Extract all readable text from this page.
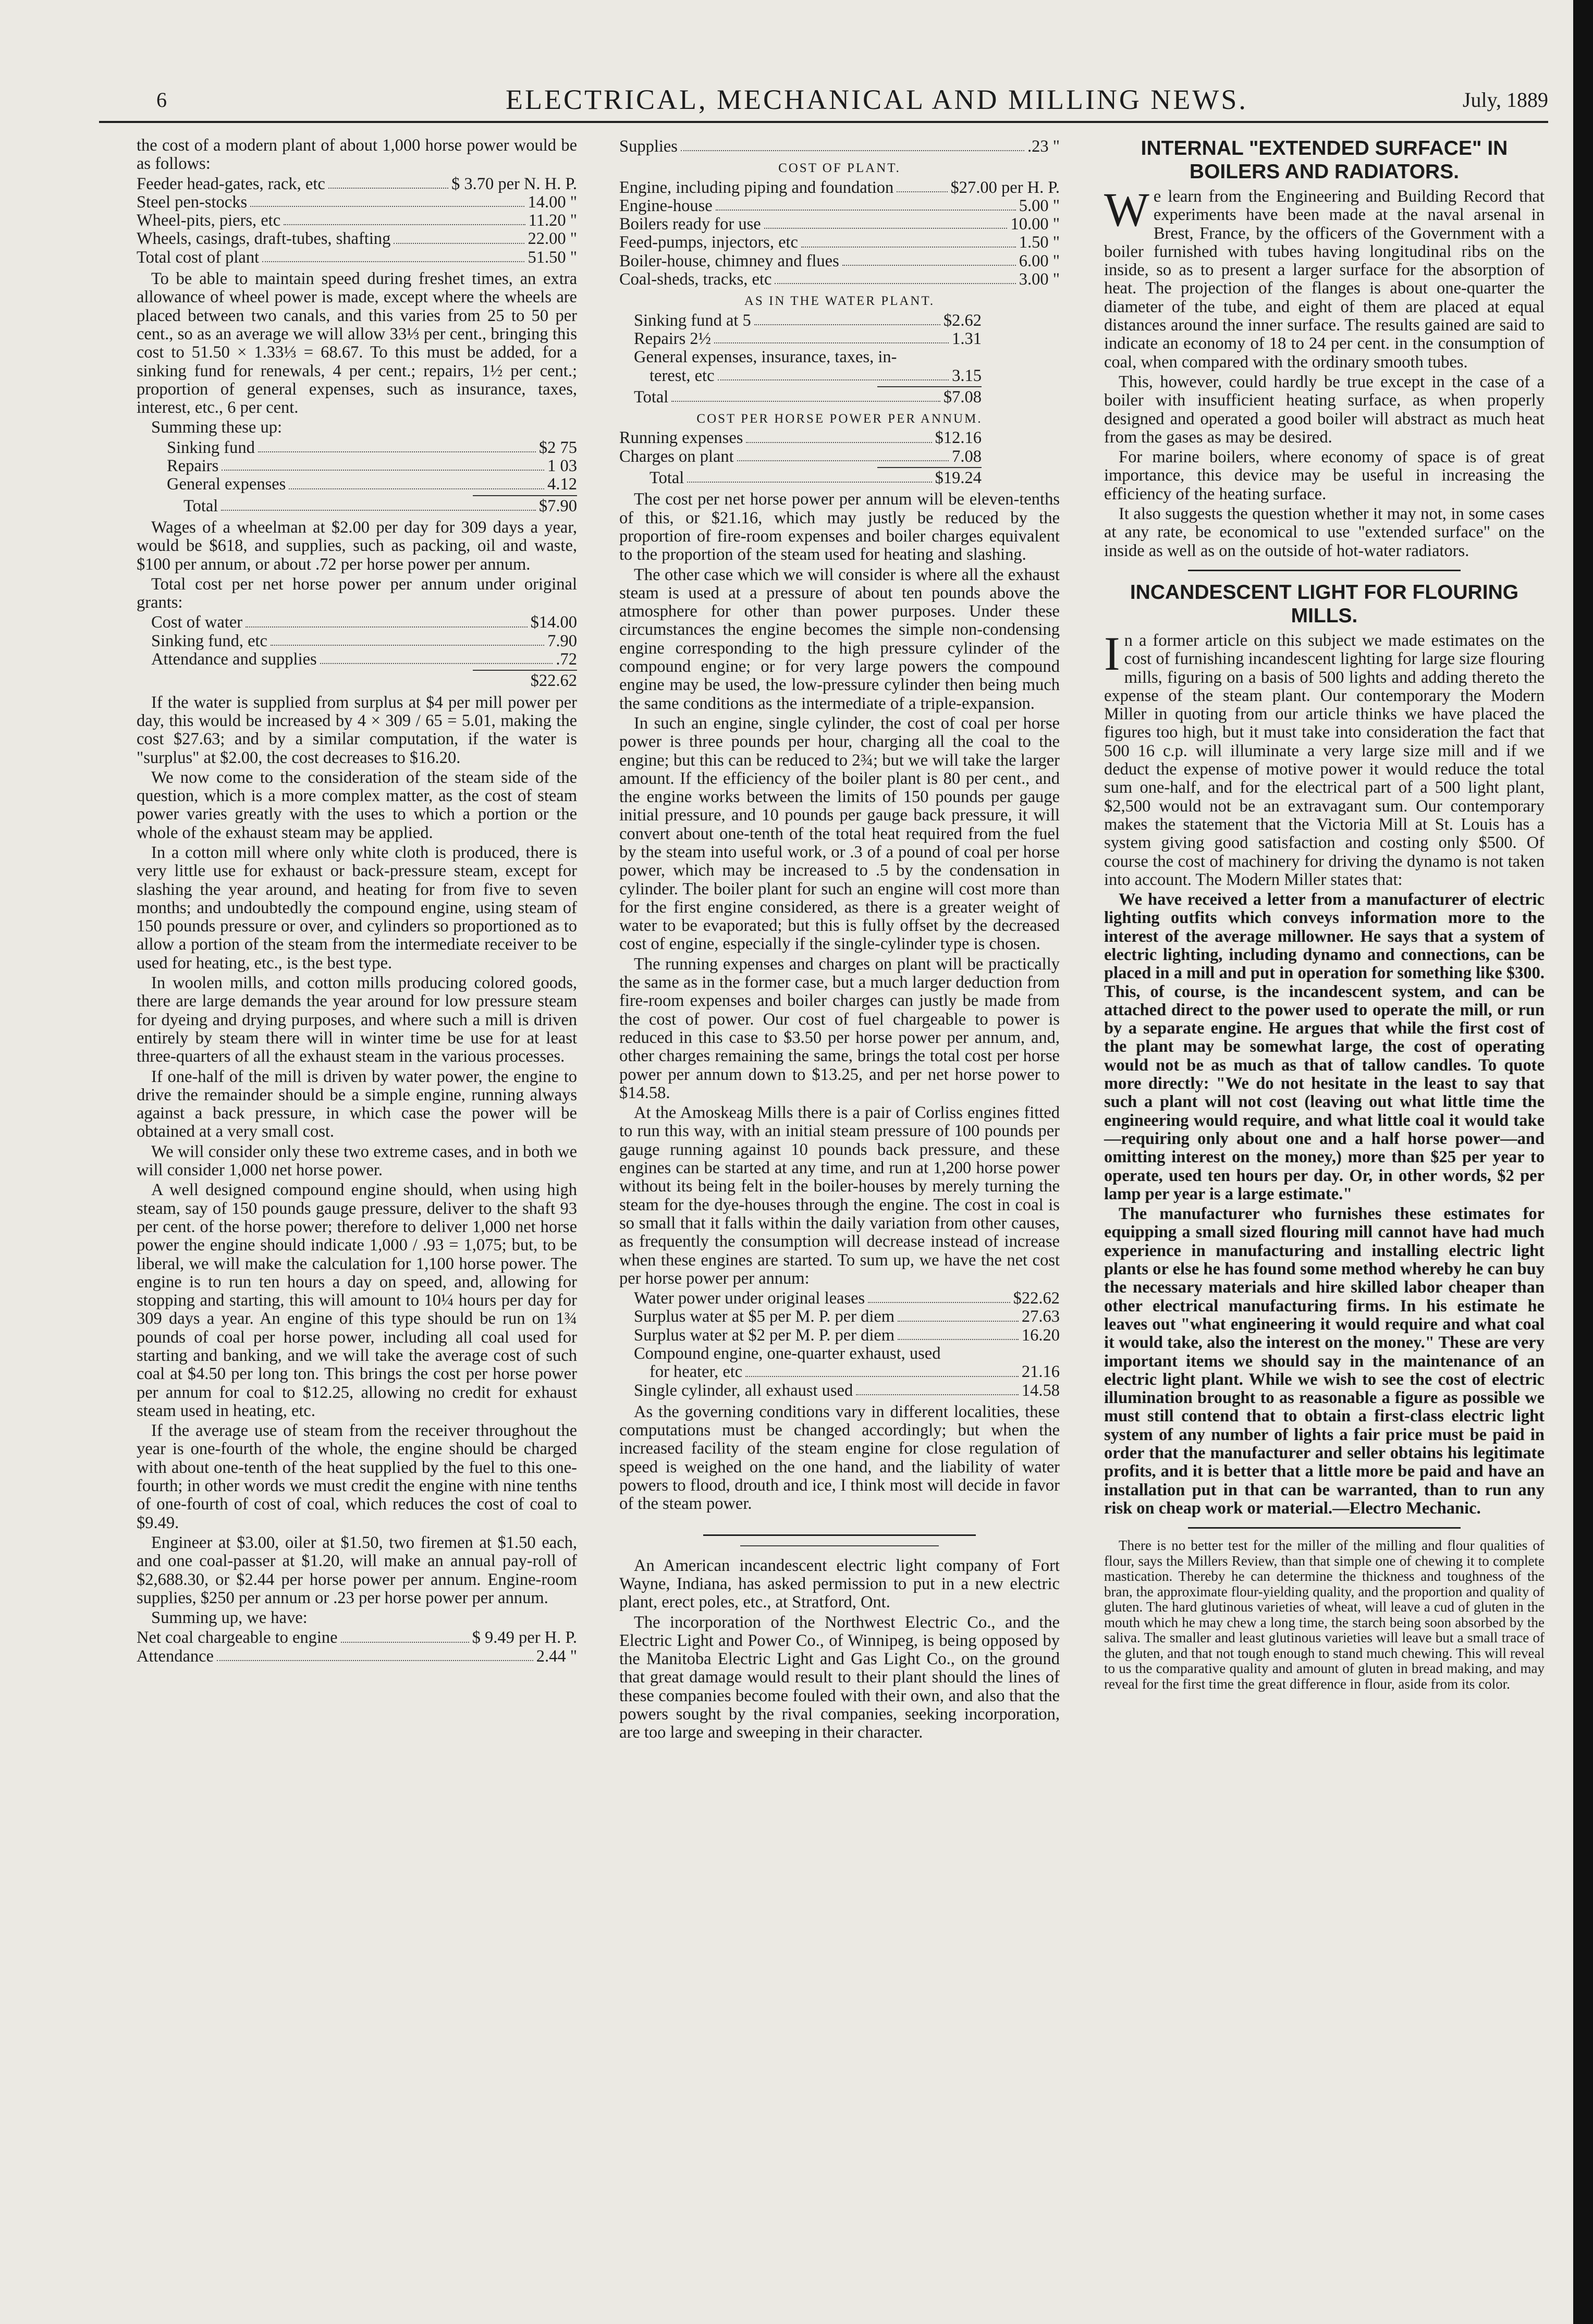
6	ELECTRICAL, MECHANICAL AND MILLING NEWS.	July, 1889

the cost of a modern plant of about 1,000 horse power would be as follows:

Feeder head-gates, rack, etc	$ 3.70 per N. H. P.
Steel pen-stocks	14.00 "
Wheel-pits, piers, etc	11.20 "
Wheels, casings, draft-tubes, shafting	22.00 "
Total cost of plant	51.50 "

To be able to maintain speed during freshet times, an extra allowance of wheel power is made, except where the wheels are placed between two canals, and this varies from 25 to 50 per cent., so as an average we will allow 33⅓ per cent., bringing this cost to 51.50 × 1.33⅓ = 68.67. To this must be added, for a sinking fund for renewals, 4 per cent.; repairs, 1½ per cent.; proportion of general expenses, such as insurance, taxes, interest, etc., 6 per cent.

Summing these up:

Sinking fund	$2 75
Repairs	1 03
General expenses	4.12
Total	$7.90

Wages of a wheelman at $2.00 per day for 309 days a year, would be $618, and supplies, such as packing, oil and waste, $100 per annum, or about .72 per horse power per annum.

Total cost per net horse power per annum under original grants:

Cost of water	$14.00
Sinking fund, etc	7.90
Attendance and supplies	.72
$22.62

If the water is supplied from surplus at $4 per mill power per day, this would be increased by 4 × 309 / 65 = 5.01, making the cost $27.63; and by a similar computation, if the water is "surplus" at $2.00, the cost decreases to $16.20.

We now come to the consideration of the steam side of the question, which is a more complex matter, as the cost of steam power varies greatly with the uses to which a portion or the whole of the exhaust steam may be applied.

In a cotton mill where only white cloth is produced, there is very little use for exhaust or back-pressure steam, except for slashing the year around, and heating for from five to seven months; and undoubtedly the compound engine, using steam of 150 pounds pressure or over, and cylinders so proportioned as to allow a portion of the steam from the intermediate receiver to be used for heating, etc., is the best type.

In woolen mills, and cotton mills producing colored goods, there are large demands the year around for low pressure steam for dyeing and drying purposes, and where such a mill is driven entirely by steam there will in winter time be use for at least three-quarters of all the exhaust steam in the various processes.

If one-half of the mill is driven by water power, the engine to drive the remainder should be a simple engine, running always against a back pressure, in which case the power will be obtained at a very small cost.

We will consider only these two extreme cases, and in both we will consider 1,000 net horse power.

A well designed compound engine should, when using high steam, say of 150 pounds gauge pressure, deliver to the shaft 93 per cent. of the horse power; therefore to deliver 1,000 net horse power the engine should indicate 1,000 / .93 = 1,075; but, to be liberal, we will make the calculation for 1,100 horse power. The engine is to run ten hours a day on speed, and, allowing for stopping and starting, this will amount to 10¼ hours per day for 309 days a year. An engine of this type should be run on 1¾ pounds of coal per horse power, including all coal used for starting and banking, and we will take the average cost of such coal at $4.50 per long ton. This brings the cost per horse power per annum for coal to $12.25, allowing no credit for exhaust steam used in heating, etc.

If the average use of steam from the receiver throughout the year is one-fourth of the whole, the engine should be charged with about one-tenth of the heat supplied by the fuel to this one-fourth; in other words we must credit the engine with nine tenths of one-fourth of cost of coal, which reduces the cost of coal to $9.49.

Engineer at $3.00, oiler at $1.50, two firemen at $1.50 each, and one coal-passer at $1.20, will make an annual pay-roll of $2,688.30, or $2.44 per horse power per annum. Engine-room supplies, $250 per annum or .23 per horse power per annum.

Summing up, we have:

Net coal chargeable to engine	$ 9.49 per H. P.
Attendance	2.44 "
Supplies	.23 "
COST OF PLANT.
Engine, including piping and foundation	$27.00 per H. P.
Engine-house	5.00 "
Boilers ready for use	10.00 "
Feed-pumps, injectors, etc	1.50 "
Boiler-house, chimney and flues	6.00 "
Coal-sheds, tracks, etc	3.00 "
AS IN THE WATER PLANT.
Sinking fund at 5	$2.62
Repairs 2½	1.31
General expenses, insurance, taxes, in-
terest, etc	3.15
Total	$7.08
COST PER HORSE POWER PER ANNUM.
Running expenses	$12.16
Charges on plant	7.08
Total	$19.24

The cost per net horse power per annum will be eleven-tenths of this, or $21.16, which may justly be reduced by the proportion of fire-room expenses and boiler charges equivalent to the proportion of the steam used for heating and slashing.

The other case which we will consider is where all the exhaust steam is used at a pressure of about ten pounds above the atmosphere for other than power purposes. Under these circumstances the engine becomes the simple non-condensing engine corresponding to the high pressure cylinder of the compound engine; or for very large powers the compound engine may be used, the low-pressure cylinder then being much the same conditions as the intermediate of a triple-expansion.

In such an engine, single cylinder, the cost of coal per horse power is three pounds per hour, charging all the coal to the engine; but this can be reduced to 2¾; but we will take the larger amount. If the efficiency of the boiler plant is 80 per cent., and the engine works between the limits of 150 pounds per gauge initial pressure, and 10 pounds per gauge back pressure, it will convert about one-tenth of the total heat required from the fuel by the steam into useful work, or .3 of a pound of coal per horse power, which may be increased to .5 by the condensation in cylinder. The boiler plant for such an engine will cost more than for the first engine considered, as there is a greater weight of water to be evaporated; but this is fully offset by the decreased cost of engine, especially if the single-cylinder type is chosen.

The running expenses and charges on plant will be practically the same as in the former case, but a much larger deduction from fire-room expenses and boiler charges can justly be made from the cost of power. Our cost of fuel chargeable to power is reduced in this case to $3.50 per horse power per annum, and, other charges remaining the same, brings the total cost per horse power per annum down to $13.25, and per net horse power to $14.58.

At the Amoskeag Mills there is a pair of Corliss engines fitted to run this way, with an initial steam pressure of 100 pounds per gauge running against 10 pounds back pressure, and these engines can be started at any time, and run at 1,200 horse power without its being felt in the boiler-houses by merely turning the steam for the dye-houses through the engine. The cost in coal is so small that it falls within the daily variation from other causes, as frequently the consumption will decrease instead of increase when these engines are started. To sum up, we have the net cost per horse power per annum:

Water power under original leases	$22.62
Surplus water at $5 per M. P. per diem	27.63
Surplus water at $2 per M. P. per diem	16.20
Compound engine, one-quarter exhaust, used
for heater, etc	21.16
Single cylinder, all exhaust used	14.58

As the governing conditions vary in different localities, these computations must be changed accordingly; but when the increased facility of the steam engine for close regulation of speed is weighed on the one hand, and the liability of water powers to flood, drouth and ice, I think most will decide in favor of the steam power.

An American incandescent electric light company of Fort Wayne, Indiana, has asked permission to put in a new electric plant, erect poles, etc., at Stratford, Ont.

The incorporation of the Northwest Electric Co., and the Electric Light and Power Co., of Winnipeg, is being opposed by the Manitoba Electric Light and Gas Light Co., on the ground that great damage would result to their plant should the lines of these companies become fouled with their own, and also that the powers sought by the rival companies, seeking incorporation, are too large and sweeping in their character.

INTERNAL "EXTENDED SURFACE" IN BOILERS AND RADIATORS.

We learn from the Engineering and Building Record that experiments have been made at the naval arsenal in Brest, France, by the officers of the Government with a boiler furnished with tubes having longitudinal ribs on the inside, so as to present a larger surface for the absorption of heat. The projection of the flanges is about one-quarter the diameter of the tube, and eight of them are placed at equal distances around the inner surface. The results gained are said to indicate an economy of 18 to 24 per cent. in the consumption of coal, when compared with the ordinary smooth tubes.

This, however, could hardly be true except in the case of a boiler with insufficient heating surface, as when properly designed and operated a good boiler will abstract as much heat from the gases as may be desired.

For marine boilers, where economy of space is of great importance, this device may be useful in increasing the efficiency of the heating surface.

It also suggests the question whether it may not, in some cases at any rate, be economical to use "extended surface" on the inside as well as on the outside of hot-water radiators.

INCANDESCENT LIGHT FOR FLOURING MILLS.

In a former article on this subject we made estimates on the cost of furnishing incandescent lighting for large size flouring mills, figuring on a basis of 500 lights and adding thereto the expense of the steam plant. Our contemporary the Modern Miller in quoting from our article thinks we have placed the figures too high, but it must take into consideration the fact that 500 16 c.p. will illuminate a very large size mill and if we deduct the expense of motive power it would reduce the total sum one-half, and for the electrical part of a 500 light plant, $2,500 would not be an extravagant sum. Our contemporary makes the statement that the Victoria Mill at St. Louis has a system giving good satisfaction and costing only $500. Of course the cost of machinery for driving the dynamo is not taken into account. The Modern Miller states that:

We have received a letter from a manufacturer of electric lighting outfits which conveys information more to the interest of the average millowner. He says that a system of electric lighting, including dynamo and connections, can be placed in a mill and put in operation for something like $300. This, of course, is the incandescent system, and can be attached direct to the power used to operate the mill, or run by a separate engine. He argues that while the first cost of the plant may be somewhat large, the cost of operating would not be as much as that of tallow candles. To quote more directly: "We do not hesitate in the least to say that such a plant will not cost (leaving out what little time the engineering would require, and what little coal it would take—requiring only about one and a half horse power—and omitting interest on the money,) more than $25 per year to operate, used ten hours per day. Or, in other words, $2 per lamp per year is a large estimate."

The manufacturer who furnishes these estimates for equipping a small sized flouring mill cannot have had much experience in manufacturing and installing electric light plants or else he has found some method whereby he can buy the necessary materials and hire skilled labor cheaper than other electrical manufacturing firms. In his estimate he leaves out "what engineering it would require and what coal it would take, also the interest on the money." These are very important items we should say in the maintenance of an electric light plant. While we wish to see the cost of electric illumination brought to as reasonable a figure as possible we must still contend that to obtain a first-class electric light system of any number of lights a fair price must be paid in order that the manufacturer and seller obtains his legitimate profits, and it is better that a little more be paid and have an installation put in that can be warranted, than to run any risk on cheap work or material.—Electro Mechanic.

There is no better test for the miller of the milling and flour qualities of flour, says the Millers Review, than that simple one of chewing it to complete mastication. Thereby he can determine the thickness and toughness of the bran, the approximate flour-yielding quality, and the proportion and quality of gluten. The hard glutinous varieties of wheat, will leave a cud of gluten in the mouth which he may chew a long time, the starch being soon absorbed by the saliva. The smaller and least glutinous varieties will leave but a small trace of the gluten, and that not tough enough to stand much chewing. This will reveal to us the comparative quality and amount of gluten in bread making, and may reveal for the first time the great difference in flour, aside from its color.
